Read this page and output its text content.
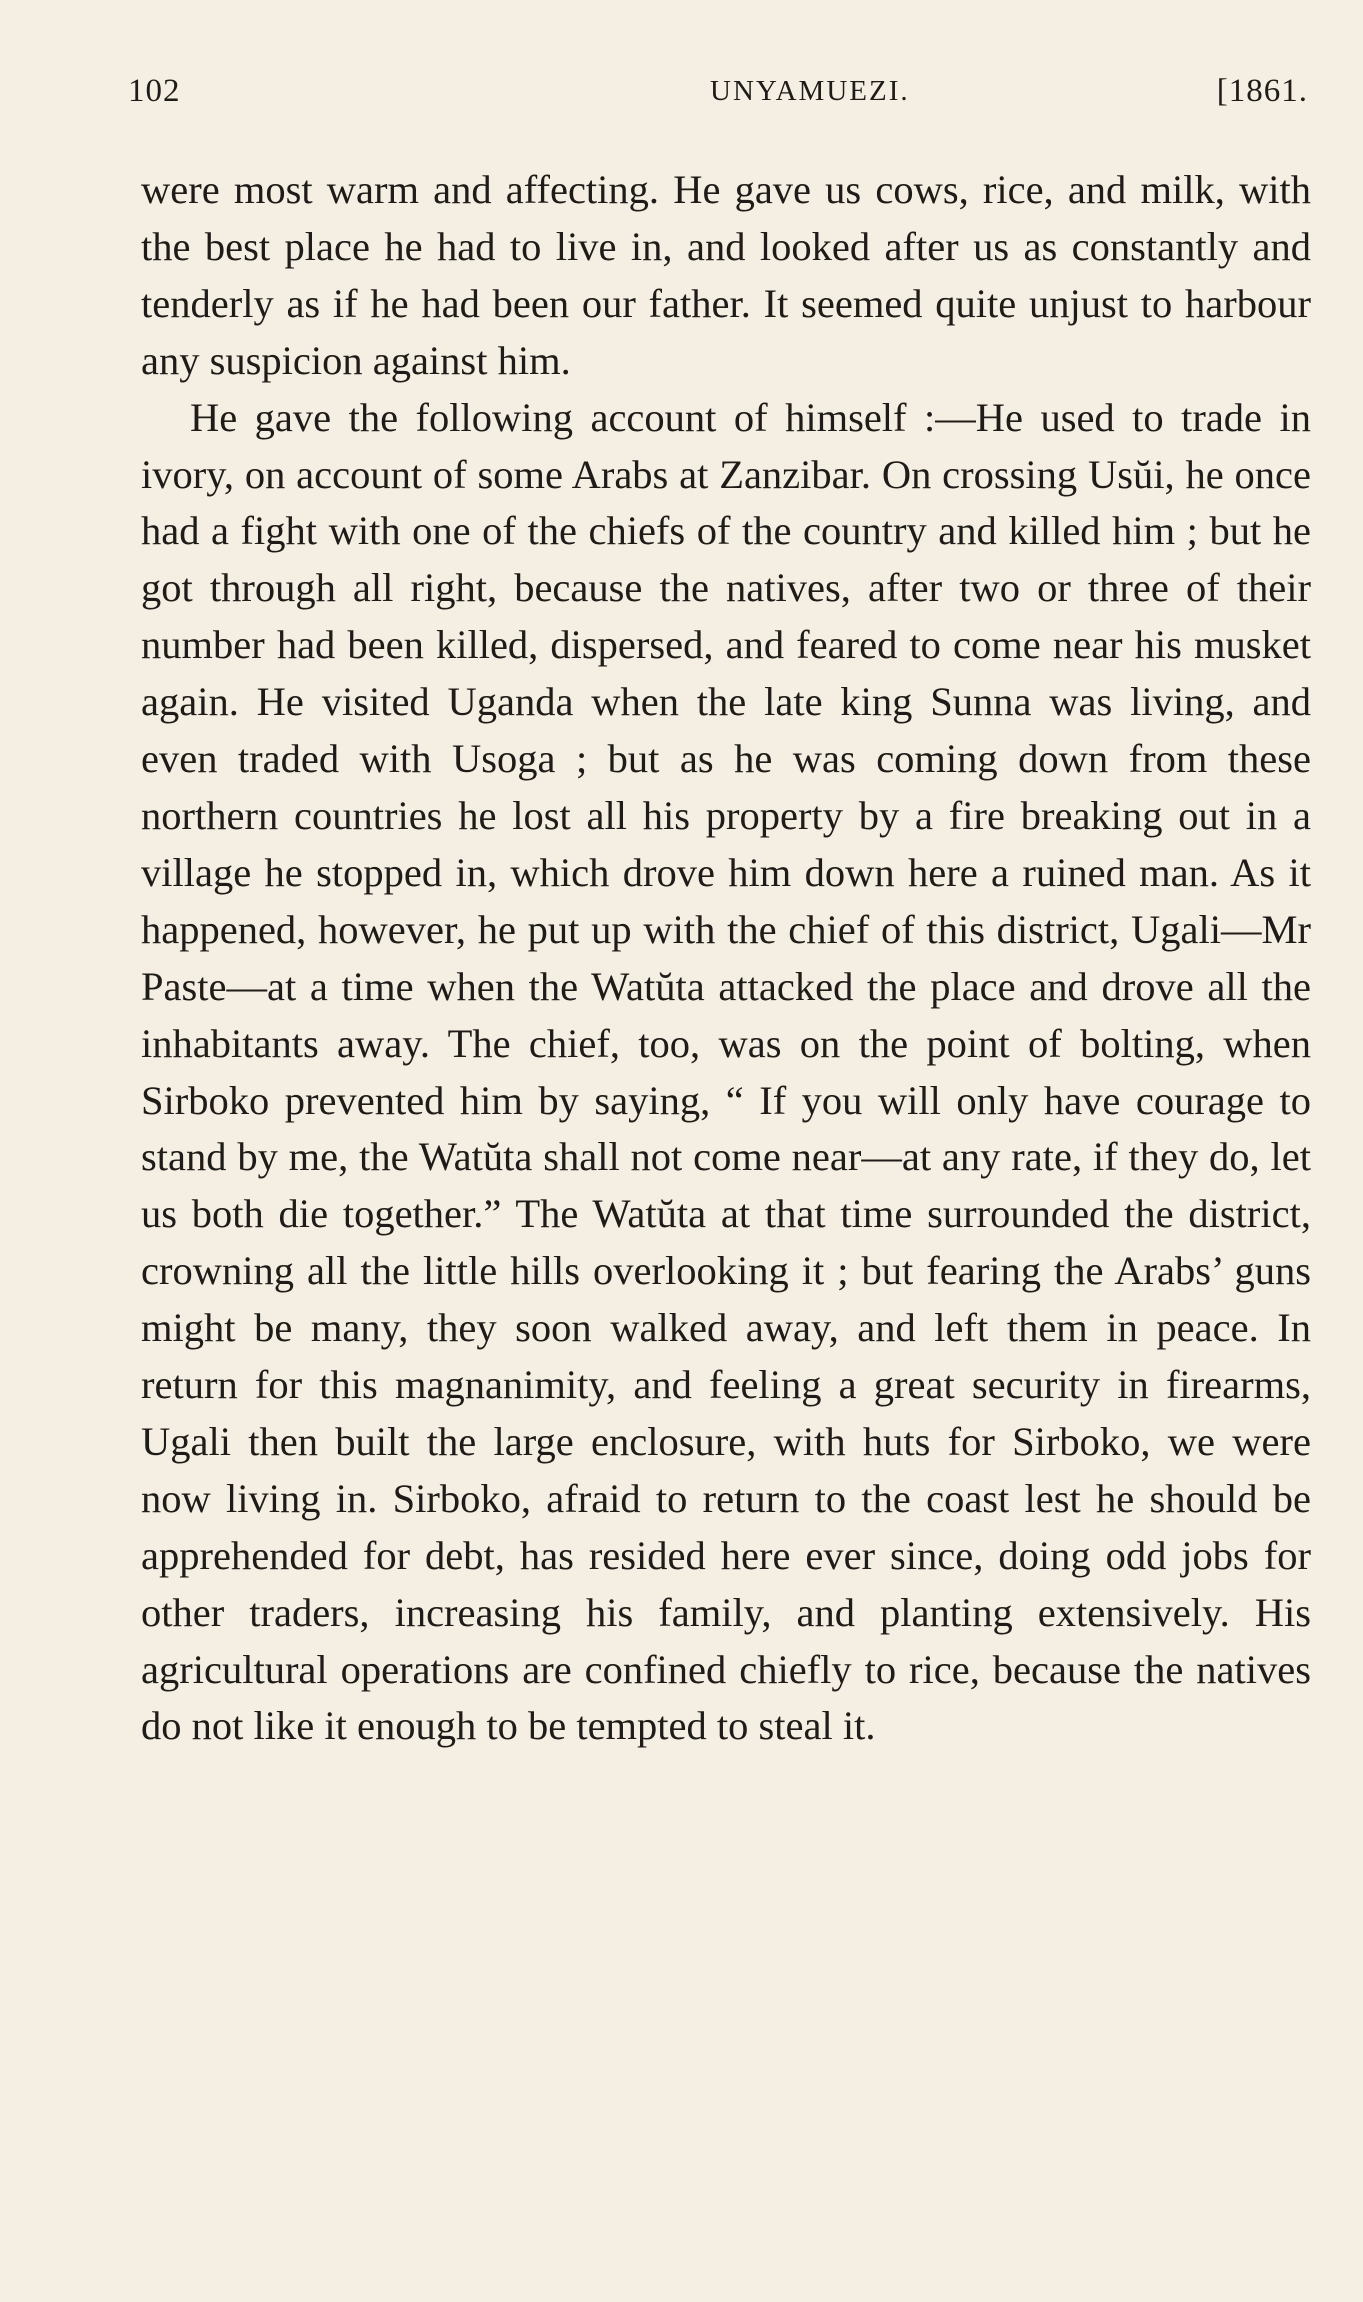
102	UNYAMUEZI.	[1861.

were most warm and affecting. He gave us cows, rice, and milk, with the best place he had to live in, and looked after us as constantly and tenderly as if he had been our father. It seemed quite unjust to harbour any suspicion against him.

He gave the following account of himself :—He used to trade in ivory, on account of some Arabs at Zanzibar. On crossing Usŭi, he once had a fight with one of the chiefs of the country and killed him ; but he got through all right, because the natives, after two or three of their number had been killed, dispersed, and feared to come near his musket again. He visited Uganda when the late king Sunna was living, and even traded with Usoga ; but as he was coming down from these northern countries he lost all his property by a fire breaking out in a village he stopped in, which drove him down here a ruined man. As it happened, however, he put up with the chief of this district, Ugali—Mr Paste—at a time when the Watŭta attacked the place and drove all the inhabitants away. The chief, too, was on the point of bolting, when Sirboko prevented him by saying, “ If you will only have courage to stand by me, the Watŭta shall not come near—at any rate, if they do, let us both die together.” The Watŭta at that time surrounded the district, crowning all the little hills overlooking it ; but fearing the Arabs’ guns might be many, they soon walked away, and left them in peace. In return for this magnanimity, and feeling a great security in firearms, Ugali then built the large enclosure, with huts for Sirboko, we were now living in. Sirboko, afraid to return to the coast lest he should be apprehended for debt, has resided here ever since, doing odd jobs for other traders, increasing his family, and planting extensively. His agricultural operations are confined chiefly to rice, because the natives do not like it enough to be tempted to steal it.
